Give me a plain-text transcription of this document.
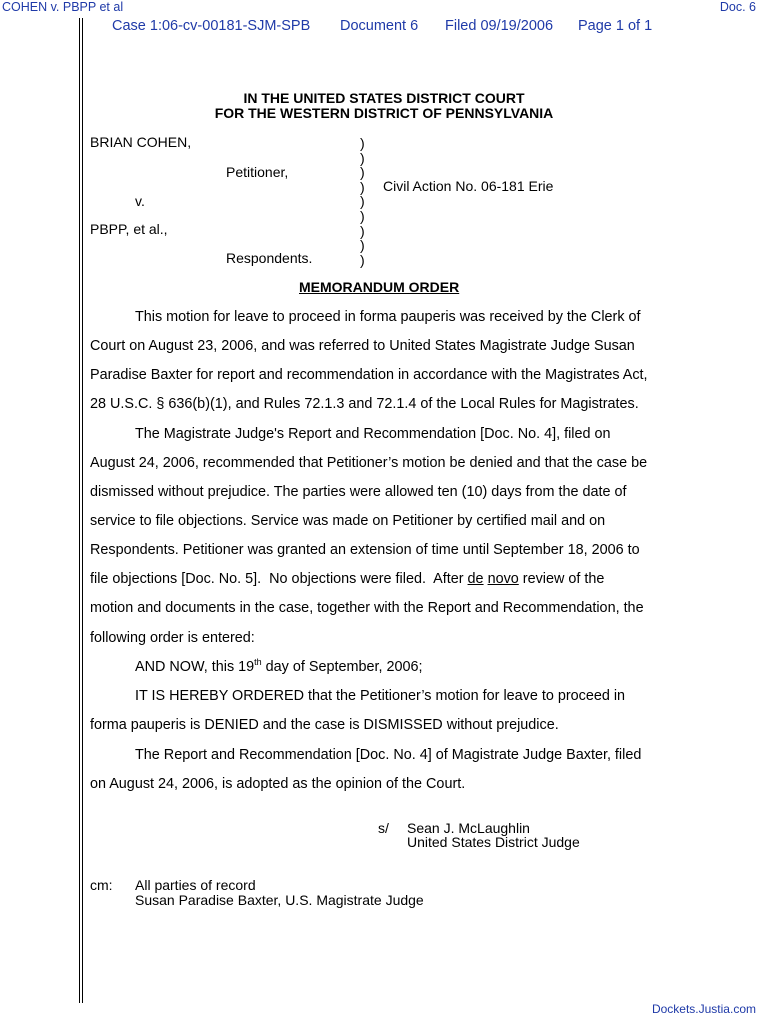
COHEN v. PBPP et al	Doc. 6
Case 1:06-cv-00181-SJM-SPB Document 6 Filed 09/19/2006 Page 1 of 1
IN THE UNITED STATES DISTRICT COURT
FOR THE WESTERN DISTRICT OF PENNSYLVANIA
BRIAN COHEN,
Petitioner,
v.
PBPP, et al.,
Respondents.
)
)
)
)
)
)
)
)
)
Civil Action No. 06-181 Erie
MEMORANDUM ORDER
This motion for leave to proceed in forma pauperis was received by the Clerk of
Court on August 23, 2006, and was referred to United States Magistrate Judge Susan
Paradise Baxter for report and recommendation in accordance with the Magistrates Act,
28 U.S.C. § 636(b)(1), and Rules 72.1.3 and 72.1.4 of the Local Rules for Magistrates.
The Magistrate Judge's Report and Recommendation [Doc. No. 4], filed on
August 24, 2006, recommended that Petitioner’s motion be denied and that the case be
dismissed without prejudice. The parties were allowed ten (10) days from the date of
service to file objections. Service was made on Petitioner by certified mail and on
Respondents. Petitioner was granted an extension of time until September 18, 2006 to
file objections [Doc. No. 5].  No objections were filed.  After de novo review of the
motion and documents in the case, together with the Report and Recommendation, the
following order is entered:
AND NOW, this 19th day of September, 2006;
IT IS HEREBY ORDERED that the Petitioner’s motion for leave to proceed in
forma pauperis is DENIED and the case is DISMISSED without prejudice.
The Report and Recommendation [Doc. No. 4] of Magistrate Judge Baxter, filed
on August 24, 2006, is adopted as the opinion of the Court.
s/ Sean J. McLaughlin
United States District Judge
cm: All parties of record
Susan Paradise Baxter, U.S. Magistrate Judge
Dockets.Justia.com
